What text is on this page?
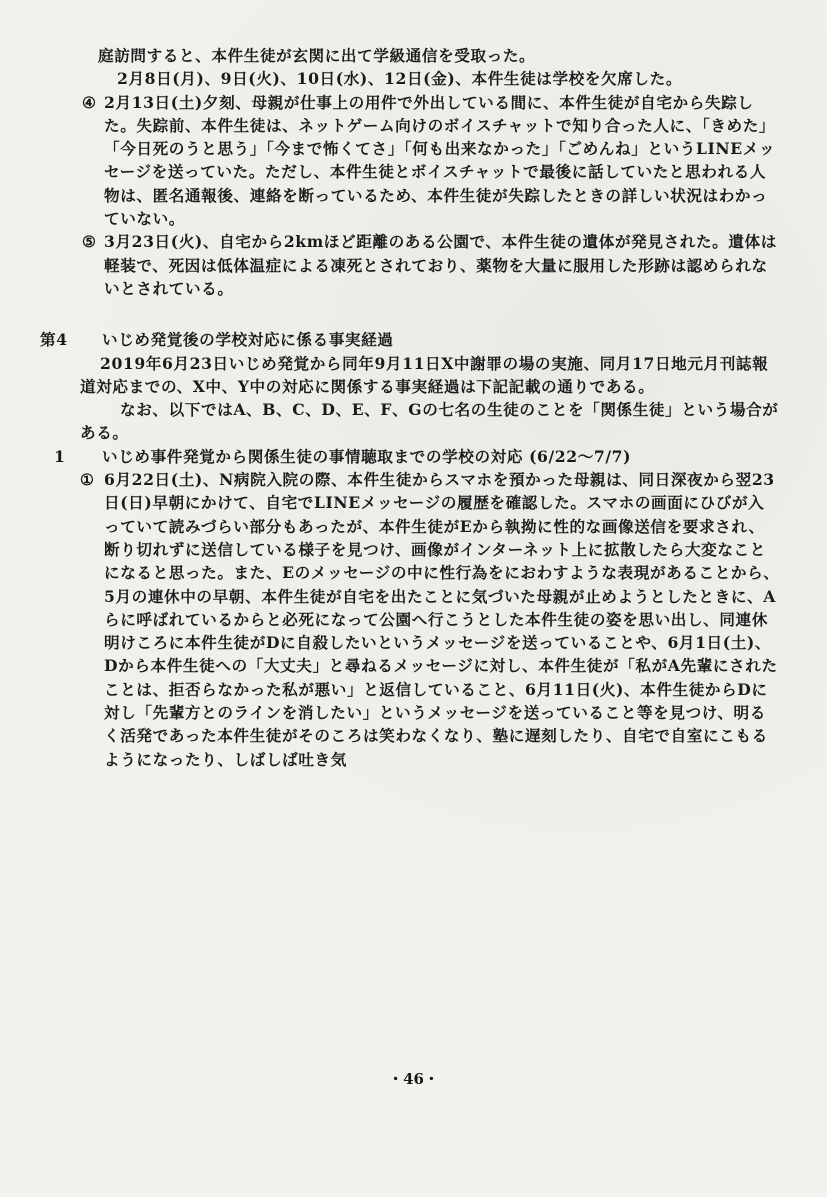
庭訪問すると、本件生徒が玄関に出て学級通信を受取った。
2月8日(月)、9日(火)、10日(水)、12日(金)、本件生徒は学校を欠席した。
④ 2月13日(土)夕刻、母親が仕事上の用件で外出している間に、本件生徒が自宅から失踪した。失踪前、本件生徒は、ネットゲーム向けのボイスチャットで知り合った人に、「きめた」「今日死のうと思う」「今まで怖くてさ」「何も出来なかった」「ごめんね」というLINEメッセージを送っていた。ただし、本件生徒とボイスチャットで最後に話していたと思われる人物は、匿名通報後、連絡を断っているため、本件生徒が失踪したときの詳しい状況はわかっていない。
⑤ 3月23日(火)、自宅から2kmほど距離のある公園で、本件生徒の遺体が発見された。遺体は軽装で、死因は低体温症による凍死とされており、薬物を大量に服用した形跡は認められないとされている。
第4 いじめ発覚後の学校対応に係る事実経過
2019年6月23日いじめ発覚から同年9月11日X中謝罪の場の実施、同月17日地元月刊誌報道対応までの、X中、Y中の対応に関係する事実経過は下記記載の通りである。
なお、以下ではA、B、C、D、E、F、Gの七名の生徒のことを「関係生徒」という場合がある。
1 いじめ事件発覚から関係生徒の事情聴取までの学校の対応 (6/22〜7/7)
① 6月22日(土)、N病院入院の際、本件生徒からスマホを預かった母親は、同日深夜から翌23日(日)早朝にかけて、自宅でLINEメッセージの履歴を確認した。スマホの画面にひびが入っていて読みづらい部分もあったが、本件生徒がEから執拗に性的な画像送信を要求され、断り切れずに送信している様子を見つけ、画像がインターネット上に拡散したら大変なことになると思った。また、Eのメッセージの中に性行為をにおわすような表現があることから、5月の連休中の早朝、本件生徒が自宅を出たことに気づいた母親が止めようとしたときに、Aらに呼ばれているからと必死になって公園へ行こうとした本件生徒の姿を思い出し、同連休明けころに本件生徒がDに自殺したいというメッセージを送っていることや、6月1日(土)、Dから本件生徒への「大丈夫」と尋ねるメッセージに対し、本件生徒が「私がA先輩にされたことは、拒否らなかった私が悪い」と返信していること、6月11日(火)、本件生徒からDに対し「先輩方とのラインを消したい」というメッセージを送っていること等を見つけ、明るく活発であった本件生徒がそのころは笑わなくなり、塾に遅刻したり、自宅で自室にこもるようになったり、しばしば吐き気
・46・
